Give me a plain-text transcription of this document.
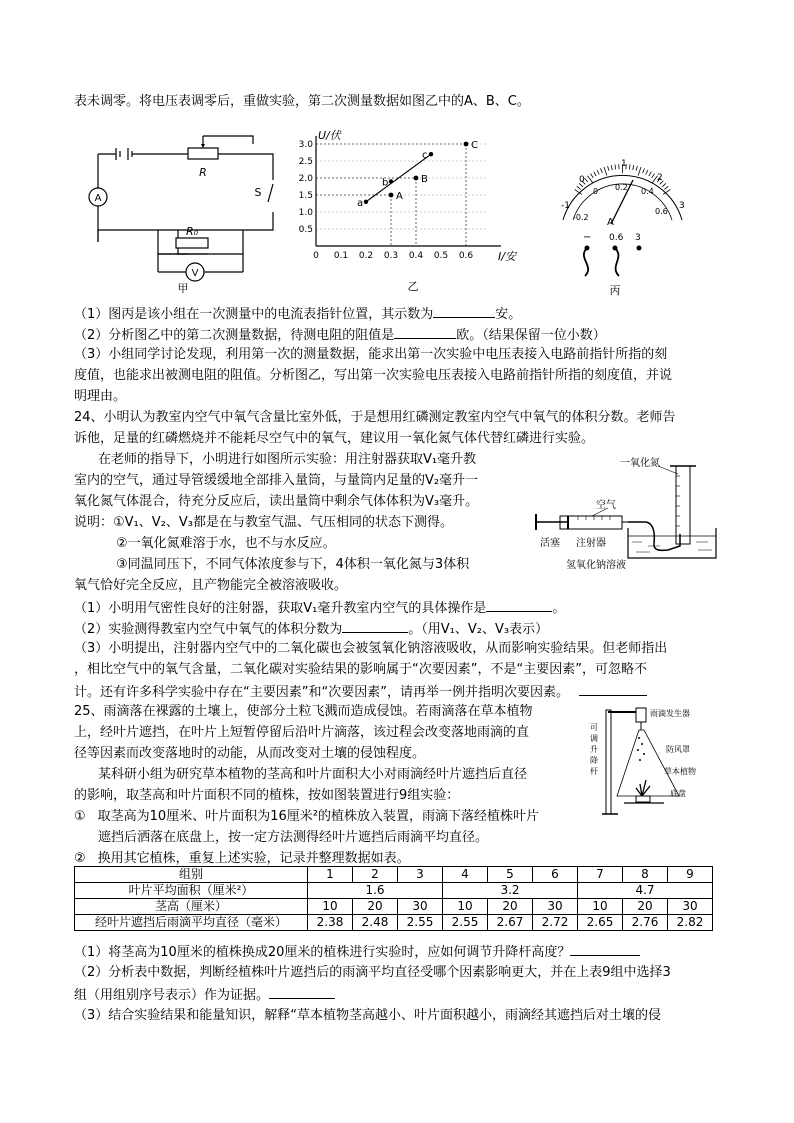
表未调零。将电压表调零后，重做实验，第二次测量数据如图乙中的A、B、C。
A
V
R
S
R₀
甲
U/伏
I/安
乙
3.0
2.5
2.0
1.5
1.0
0.5
0 0.1 0.2 0.3 0.4 0.5 0.6
A
B
C
a
b
c
-1
-0.2
0
1
2
3
0 0.2 0.4
0.6
A
− 0.6 3
丙
（1）图丙是该小组在一次测量中的电流表指针位置，其示数为	安。
（2）分析图乙中的第二次测量数据，待测电阻的阻值是	欧。（结果保留一位小数）
（3）小组同学讨论发现，利用第一次的测量数据，能求出第一次实验中电压表接入电路前指针所指的刻
度值，也能求出被测电阻的阻值。分析图乙，写出第一次实验电压表接入电路前指针所指的刻度值，并说
明理由。
24、小明认为教室内空气中氧气含量比室外低，于是想用红磷测定教室内空气中氧气的体积分数。老师告
诉他，足量的红磷燃烧并不能耗尽空气中的氧气，建议用一氧化氮气体代替红磷进行实验。
在老师的指导下，小明进行如图所示实验：用注射器获取V₁毫升教
室内的空气，通过导管缓缓地全部排入量筒，与量筒内足量的V₂毫升一
氧化氮气体混合，待充分反应后，读出量筒中剩余气体体积为V₃毫升。
说明：①V₁、V₂、V₃都是在与教室气温、气压相同的状态下测得。
②一氧化氮难溶于水，也不与水反应。
③同温同压下，不同气体浓度参与下，4体积一氧化氮与3体积
氧气恰好完全反应，且产物能完全被溶液吸收。
一氧化氮
空气
活塞 注射器
氢氧化钠溶液
（1）小明用气密性良好的注射器，获取V₁毫升教室内空气的具体操作是	。
（2）实验测得教室内空气中氧气的体积分数为	。（用V₁、V₂、V₃表示）
（3）小明提出，注射器内空气中的二氧化碳也会被氢氧化钠溶液吸收，从而影响实验结果。但老师指出
，相比空气中的氧气含量，二氧化碳对实验结果的影响属于“次要因素”，不是“主要因素”，可忽略不
计。还有许多科学实验中存在“主要因素”和“次要因素”，请再举一例并指明次要因素。
25、雨滴落在裸露的土壤上，使部分土粒飞溅而造成侵蚀。若雨滴落在草本植物
上，经叶片遮挡，在叶片上短暂停留后沿叶片滴落，该过程会改变落地雨滴的直
径等因素而改变落地时的动能，从而改变对土壤的侵蚀程度。
某科研小组为研究草本植物的茎高和叶片面积大小对雨滴经叶片遮挡后直径
的影响，取茎高和叶片面积不同的植株，按如图装置进行9组实验：
① 取茎高为10厘米、叶片面积为16厘米²的植株放入装置，雨滴下落经植株叶片
遮挡后洒落在底盘上，按一定方法测得经叶片遮挡后雨滴平均直径。
② 换用其它植株，重复上述实验，记录并整理数据如表。
雨滴发生器
防风罩
草本植物
底盘
可
调
升
降
杆
组别	1	2	3	4	5	6	7	8	9
叶片平均面积（厘米²）	1.6			3.2			4.7		
茎高（厘米）	10	20	30	10	20	30	10	20	30
经叶片遮挡后雨滴平均直径（毫米）	2.38	2.48	2.55	2.55	2.67	2.72	2.65	2.76	2.82
（1）将茎高为10厘米的植株换成20厘米的植株进行实验时，应如何调节升降杆高度？
（2）分析表中数据，判断经植株叶片遮挡后的雨滴平均直径受哪个因素影响更大，并在上表9组中选择3
组（用组别序号表示）作为证据。
（3）结合实验结果和能量知识，解释“草本植物茎高越小、叶片面积越小，雨滴经其遮挡后对土壤的侵
